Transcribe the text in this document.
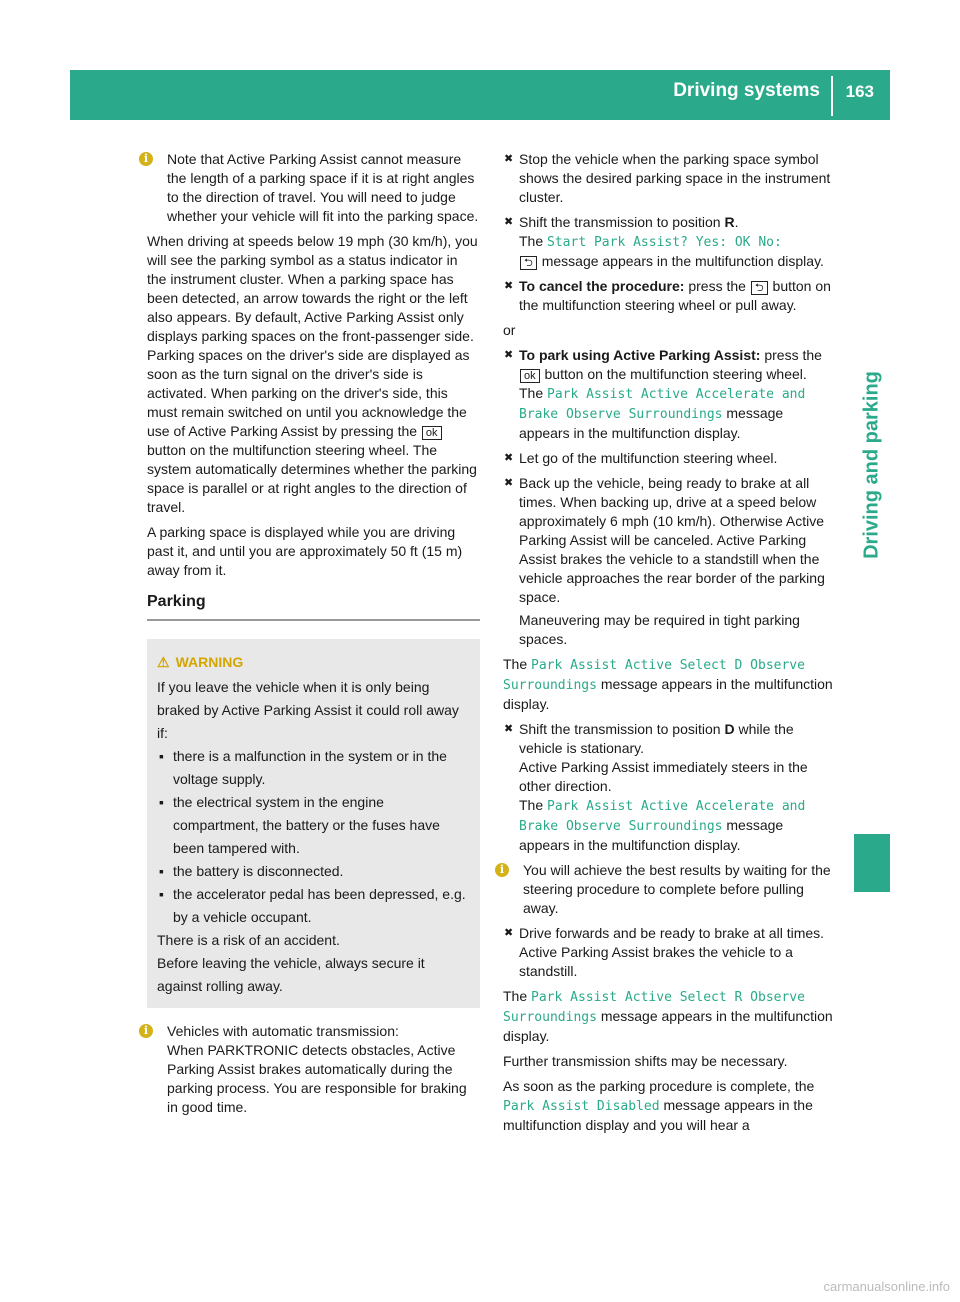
Driving systems 163
Driving and parking
i	Note that Active Parking Assist cannot measure the length of a parking space if it is at right angles to the direction of travel. You will need to judge whether your vehicle will fit into the parking space.

When driving at speeds below 19 mph (30 km/h), you will see the parking symbol as a status indicator in the instrument cluster. When a parking space has been detected, an arrow towards the right or the left also appears. By default, Active Parking Assist only displays parking spaces on the front-passenger side. Parking spaces on the driver's side are displayed as soon as the turn signal on the driver's side is activated. When parking on the driver's side, this must remain switched on until you acknowledge the use of Active Parking Assist by pressing the ok button on the multifunction steering wheel. The system automatically determines whether the parking space is parallel or at right angles to the direction of travel.

A parking space is displayed while you are driving past it, and until you are approximately 50 ft (15 m) away from it.

Parking
⚠ WARNING
If you leave the vehicle when it is only being braked by Active Parking Assist it could roll away if:
▪ there is a malfunction in the system or in the voltage supply.
▪ the electrical system in the engine compartment, the battery or the fuses have been tampered with.
▪ the battery is disconnected.
▪ the accelerator pedal has been depressed, e.g. by a vehicle occupant.
There is a risk of an accident.
Before leaving the vehicle, always secure it against rolling away.
i	Vehicles with automatic transmission:
When PARKTRONIC detects obstacles, Active Parking Assist brakes automatically during the parking process. You are responsible for braking in good time.
✖ Stop the vehicle when the parking space symbol shows the desired parking space in the instrument cluster.
✖ Shift the transmission to position R.
The Start Park Assist? Yes: OK No:
⮌ message appears in the multifunction display.
✖ To cancel the procedure: press the ⮌ button on the multifunction steering wheel or pull away.

or

✖ To park using Active Parking Assist: press the ok button on the multifunction steering wheel.
The Park Assist Active Accelerate and Brake Observe Surroundings message appears in the multifunction display.
✖ Let go of the multifunction steering wheel.
✖ Back up the vehicle, being ready to brake at all times. When backing up, drive at a speed below approximately 6 mph (10 km/h). Otherwise Active Parking Assist will be canceled. Active Parking Assist brakes the vehicle to a standstill when the vehicle approaches the rear border of the parking space.
Maneuvering may be required in tight parking spaces.

The Park Assist Active Select D Observe Surroundings message appears in the multifunction display.

✖ Shift the transmission to position D while the vehicle is stationary.
Active Parking Assist immediately steers in the other direction.
The Park Assist Active Accelerate and Brake Observe Surroundings message appears in the multifunction display.
i	You will achieve the best results by waiting for the steering procedure to complete before pulling away.
✖ Drive forwards and be ready to brake at all times.
Active Parking Assist brakes the vehicle to a standstill.

The Park Assist Active Select R Observe Surroundings message appears in the multifunction display.

Further transmission shifts may be necessary.

As soon as the parking procedure is complete, the Park Assist Disabled message appears in the multifunction display and you will hear a

carmanualsonline.info
